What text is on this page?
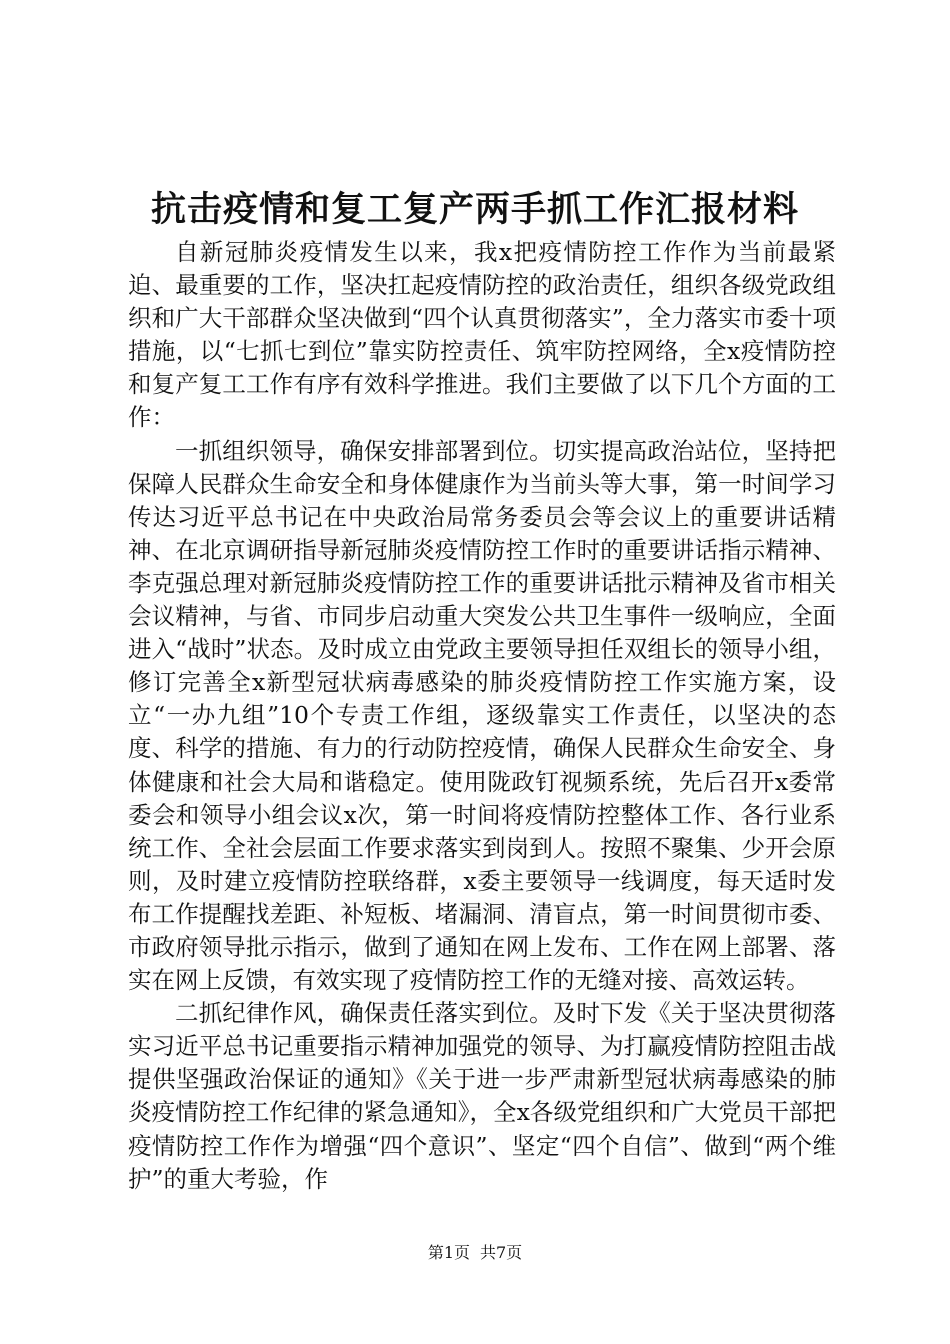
抗击疫情和复工复产两手抓工作汇报材料

自新冠肺炎疫情发生以来，我x把疫情防控工作作为当前最紧迫、最重要的工作，坚决扛起疫情防控的政治责任，组织各级党政组织和广大干部群众坚决做到“四个认真贯彻落实”，全力落实市委十项措施，以“七抓七到位”靠实防控责任、筑牢防控网络，全x疫情防控和复产复工工作有序有效科学推进。我们主要做了以下几个方面的工作：

一抓组织领导，确保安排部署到位。切实提高政治站位，坚持把保障人民群众生命安全和身体健康作为当前头等大事，第一时间学习传达习近平总书记在中央政治局常务委员会等会议上的重要讲话精神、在北京调研指导新冠肺炎疫情防控工作时的重要讲话指示精神、李克强总理对新冠肺炎疫情防控工作的重要讲话批示精神及省市相关会议精神，与省、市同步启动重大突发公共卫生事件一级响应，全面进入“战时”状态。及时成立由党政主要领导担任双组长的领导小组，修订完善全x新型冠状病毒感染的肺炎疫情防控工作实施方案，设立“一办九组”10个专责工作组，逐级靠实工作责任，以坚决的态度、科学的措施、有力的行动防控疫情，确保人民群众生命安全、身体健康和社会大局和谐稳定。使用陇政钉视频系统，先后召开x委常委会和领导小组会议x次，第一时间将疫情防控整体工作、各行业系统工作、全社会层面工作要求落实到岗到人。按照不聚集、少开会原则，及时建立疫情防控联络群，x委主要领导一线调度，每天适时发布工作提醒找差距、补短板、堵漏洞、清盲点，第一时间贯彻市委、市政府领导批示指示，做到了通知在网上发布、工作在网上部署、落实在网上反馈，有效实现了疫情防控工作的无缝对接、高效运转。

二抓纪律作风，确保责任落实到位。及时下发《关于坚决贯彻落实习近平总书记重要指示精神加强党的领导、为打赢疫情防控阻击战提供坚强政治保证的通知》《关于进一步严肃新型冠状病毒感染的肺炎疫情防控工作纪律的紧急通知》，全x各级党组织和广大党员干部把疫情防控工作作为增强“四个意识”、坚定“四个自信”、做到“两个维护”的重大考验，作

第1页 共7页
